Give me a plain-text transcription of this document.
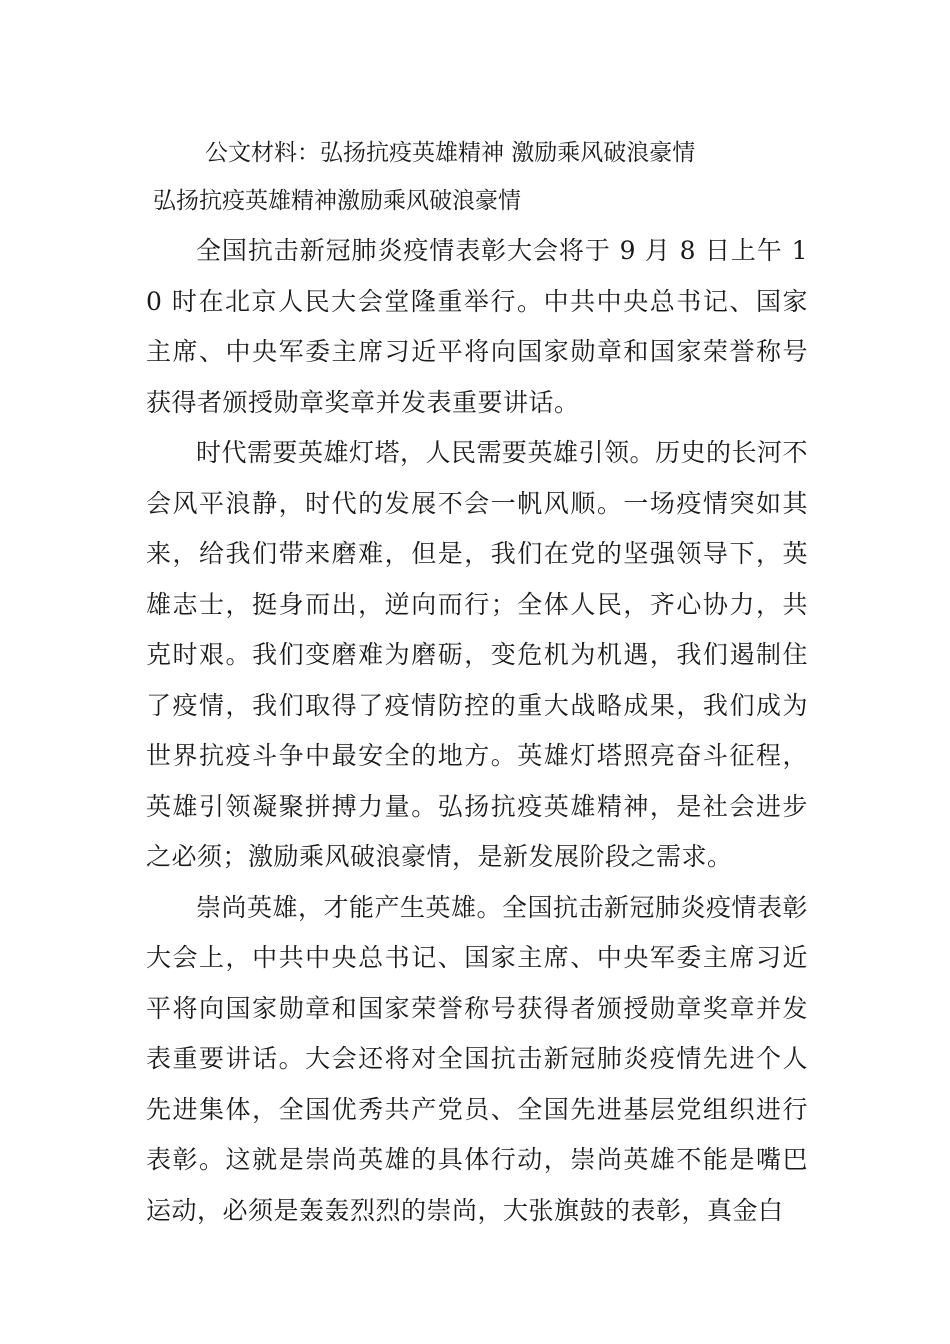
公文材料：弘扬抗疫英雄精神 激励乘风破浪豪情
弘扬抗疫英雄精神激励乘风破浪豪情

全国抗击新冠肺炎疫情表彰大会将于 9 月 8 日上午 10 时在北京人民大会堂隆重举行。中共中央总书记、国家主席、中央军委主席习近平将向国家勋章和国家荣誉称号获得者颁授勋章奖章并发表重要讲话。

时代需要英雄灯塔，人民需要英雄引领。历史的长河不会风平浪静，时代的发展不会一帆风顺。一场疫情突如其来，给我们带来磨难，但是，我们在党的坚强领导下，英雄志士，挺身而出，逆向而行；全体人民，齐心协力，共克时艰。我们变磨难为磨砺，变危机为机遇，我们遏制住了疫情，我们取得了疫情防控的重大战略成果，我们成为世界抗疫斗争中最安全的地方。英雄灯塔照亮奋斗征程，英雄引领凝聚拼搏力量。弘扬抗疫英雄精神，是社会进步之必须；激励乘风破浪豪情，是新发展阶段之需求。

崇尚英雄，才能产生英雄。全国抗击新冠肺炎疫情表彰大会上，中共中央总书记、国家主席、中央军委主席习近平将向国家勋章和国家荣誉称号获得者颁授勋章奖章并发表重要讲话。大会还将对全国抗击新冠肺炎疫情先进个人先进集体，全国优秀共产党员、全国先进基层党组织进行表彰。这就是崇尚英雄的具体行动，崇尚英雄不能是嘴巴运动，必须是轰轰烈烈的崇尚，大张旗鼓的表彰，真金白
